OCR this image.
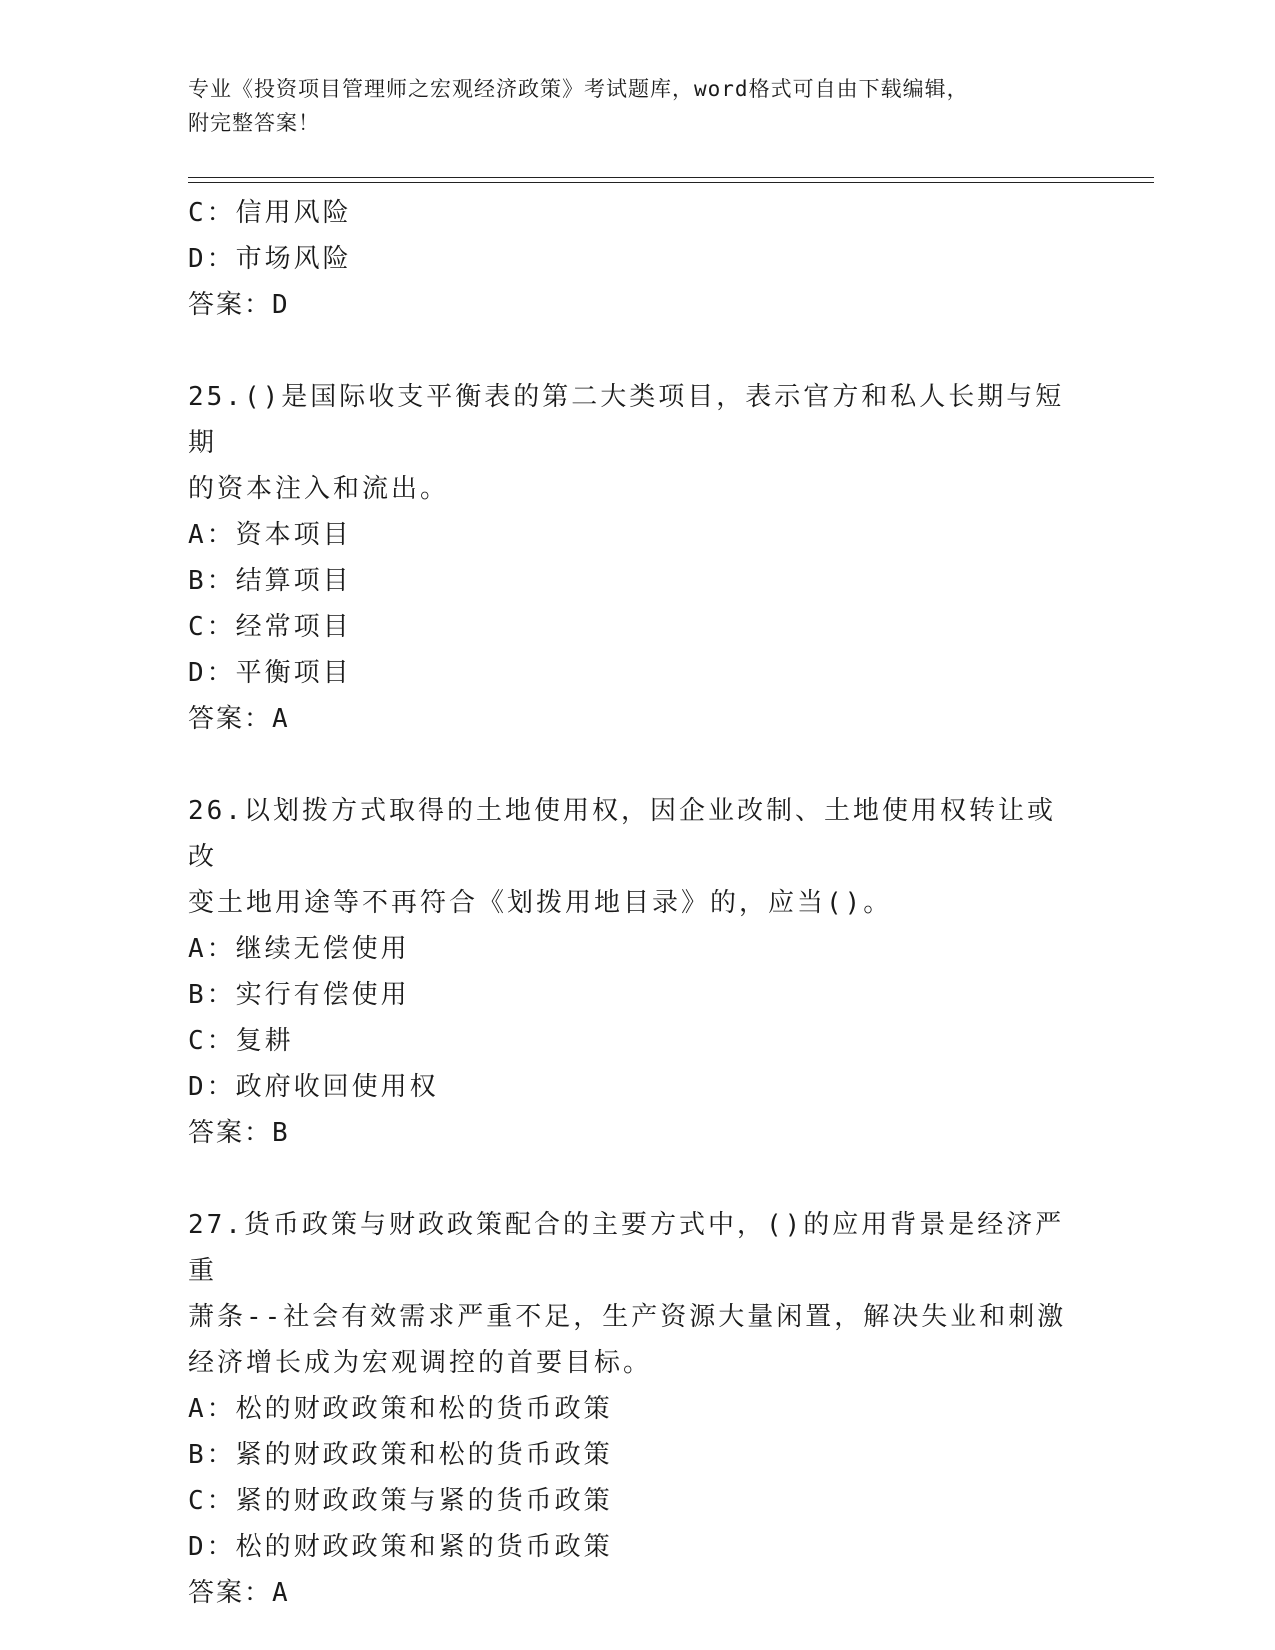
专业《投资项目管理师之宏观经济政策》考试题库，word格式可自由下载编辑，
附完整答案！
C：信用风险
D：市场风险
答案：D
25.()是国际收支平衡表的第二大类项目，表示官方和私人长期与短期
的资本注入和流出。
A：资本项目
B：结算项目
C：经常项目
D：平衡项目
答案：A
26.以划拨方式取得的土地使用权，因企业改制、土地使用权转让或改
变土地用途等不再符合《划拨用地目录》的，应当()。
A：继续无偿使用
B：实行有偿使用
C：复耕
D：政府收回使用权
答案：B
27.货币政策与财政政策配合的主要方式中，()的应用背景是经济严重
萧条--社会有效需求严重不足，生产资源大量闲置，解决失业和刺激
经济增长成为宏观调控的首要目标。
A：松的财政政策和松的货币政策
B：紧的财政政策和松的货币政策
C：紧的财政政策与紧的货币政策
D：松的财政政策和紧的货币政策
答案：A
